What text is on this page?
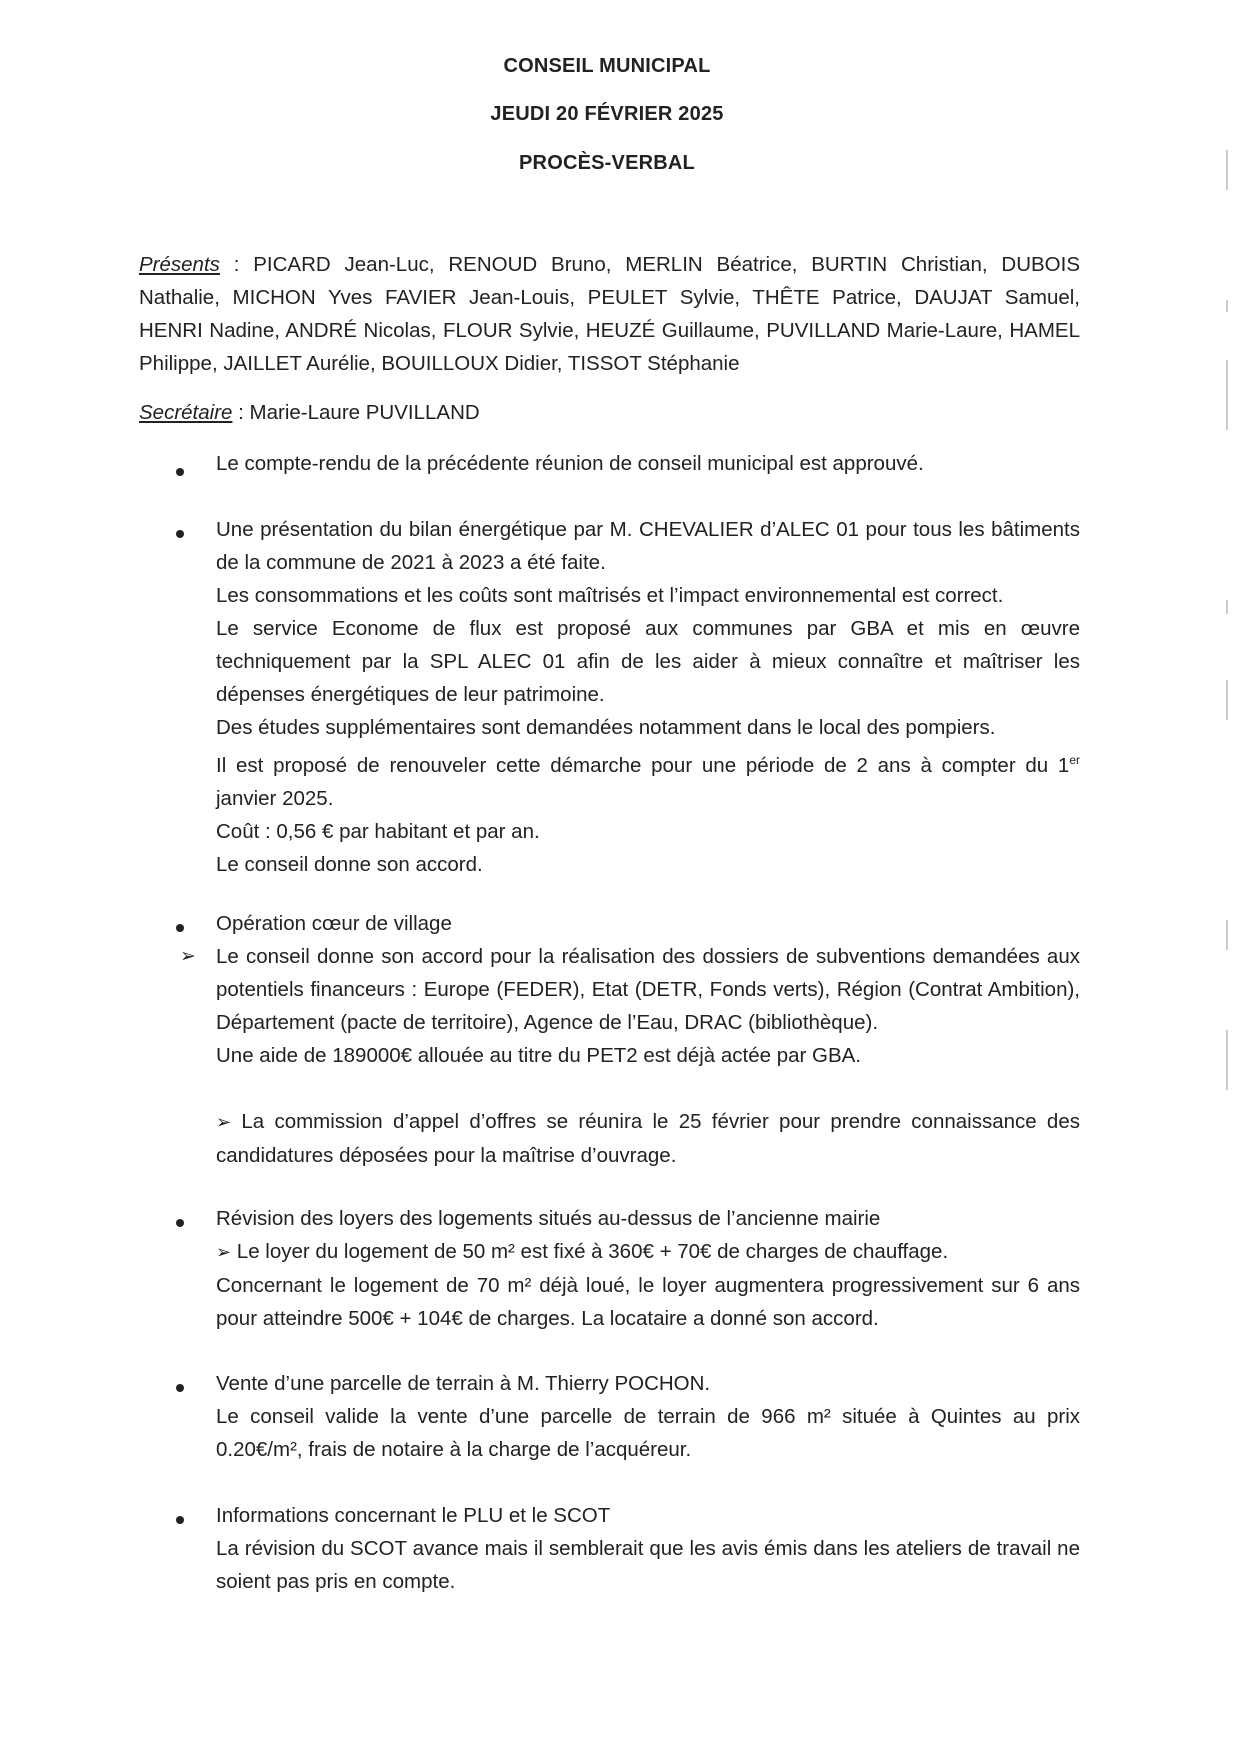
CONSEIL MUNICIPAL
JEUDI 20 FÉVRIER 2025
PROCÈS-VERBAL
Présents : PICARD Jean-Luc, RENOUD Bruno, MERLIN Béatrice, BURTIN Christian, DUBOIS Nathalie, MICHON Yves FAVIER Jean-Louis, PEULET Sylvie, THÊTE Patrice, DAUJAT Samuel, HENRI Nadine, ANDRÉ Nicolas, FLOUR Sylvie, HEUZÉ Guillaume, PUVILLAND Marie-Laure, HAMEL Philippe, JAILLET Aurélie, BOUILLOUX Didier, TISSOT Stéphanie
Secrétaire : Marie-Laure PUVILLAND

Le compte-rendu de la précédente réunion de conseil municipal est approuvé.

Une présentation du bilan énergétique par M. CHEVALIER d’ALEC 01 pour tous les bâtiments de la commune de 2021 à 2023 a été faite.

Les consommations et les coûts sont maîtrisés et l’impact environnemental est correct.

Le service Econome de flux est proposé aux communes par GBA et mis en œuvre techniquement par la SPL ALEC 01 afin de les aider à mieux connaître et maîtriser les dépenses énergétiques de leur patrimoine.

Des études supplémentaires sont demandées notamment dans le local des pompiers.

Il est proposé de renouveler cette démarche pour une période de 2 ans à compter du 1er janvier 2025.

Coût : 0,56 € par habitant et par an.

Le conseil donne son accord.

➢

Opération cœur de village

Le conseil donne son accord pour la réalisation des dossiers de subventions demandées aux potentiels financeurs : Europe (FEDER), Etat (DETR, Fonds verts), Région (Contrat Ambition), Département (pacte de territoire), Agence de l’Eau, DRAC (bibliothèque).

Une aide de 189000€ allouée au titre du PET2 est déjà actée par GBA.

➢ La commission d’appel d’offres se réunira le 25 février pour prendre connaissance des candidatures déposées pour la maîtrise d’ouvrage.

Révision des loyers des logements situés au-dessus de l’ancienne mairie

➢ Le loyer du logement de 50 m² est fixé à 360€ + 70€ de charges de chauffage.

Concernant le logement de 70 m² déjà loué, le loyer augmentera progressivement sur 6 ans pour atteindre 500€ + 104€ de charges. La locataire a donné son accord.

Vente d’une parcelle de terrain à M. Thierry POCHON.

Le conseil valide la vente d’une parcelle de terrain de 966 m² située à Quintes au prix 0.20€/m², frais de notaire à la charge de l’acquéreur.

Informations concernant le PLU et le SCOT

La révision du SCOT avance mais il semblerait que les avis émis dans les ateliers de travail ne soient pas pris en compte.
